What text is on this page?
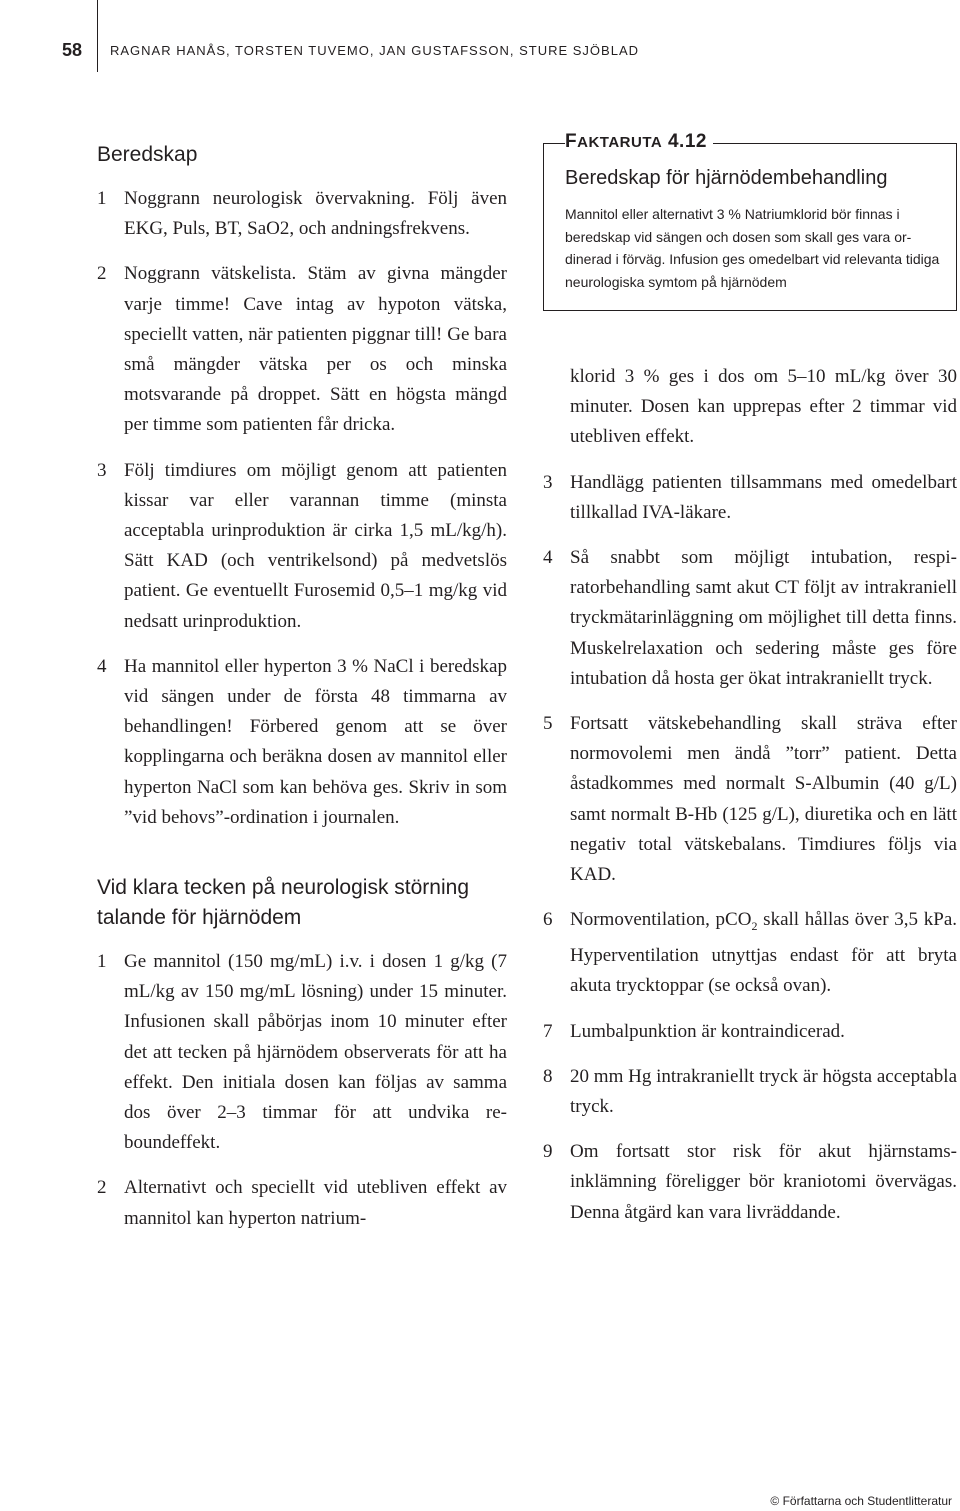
58 RAGNAR HANÅS, TORSTEN TUVEMO, JAN GUSTAFSSON, STURE SJÖBLAD
Beredskap
1 Noggrann neurologisk övervakning. Följ även EKG, Puls, BT, SaO2, och andningsfrekvens.
2 Noggrann vätskelista. Stäm av givna mängder varje timme! Cave intag av hypoton vätska, speciellt vatten, när patienten piggnar till! Ge bara små mängder vätska per os och minska motsvarande på droppet. Sätt en högsta mängd per timme som patienten får dricka.
3 Följ timdiures om möjligt genom att patienten kissar var eller varannan timme (minsta acceptabla urinproduktion är cirka 1,5 mL/kg/h). Sätt KAD (och ventrikelsond) på medvetslös patient. Ge eventuellt Furosemid 0,5–1 mg/kg vid nedsatt urinproduktion.
4 Ha mannitol eller hyperton 3 % NaCl i beredskap vid sängen under de första 48 timmarna av behandlingen! Förbered genom att se över kopplingarna och beräkna dosen av mannitol eller hyperton NaCl som kan behöva ges. Skriv in som ”vid behovs”-ordination i journalen.
Vid klara tecken på neurologisk störning talande för hjärnödem
1 Ge mannitol (150 mg/mL) i.v. i dosen 1 g/kg (7 mL/kg av 150 mg/mL lösning) under 15 minuter. Infusionen skall påbörjas inom 10 minuter efter det att tecken på hjärnödem observerats för att ha effekt. Den initiala dosen kan följas av samma dos över 2–3 timmar för att undvika reboundeffekt.
2 Alternativt och speciellt vid utebliven effekt av mannitol kan hyperton natrium-
FAKTARUTA 4.12
Beredskap för hjärnödembehandling
Mannitol eller alternativt 3 % Natriumklorid bör finnas i beredskap vid sängen och dosen som skall ges vara ordinerad i förväg. Infusion ges omedelbart vid relevanta tidiga neurologiska symtom på hjärnödem
klorid 3 % ges i dos om 5–10 mL/kg över 30 minuter. Dosen kan upprepas efter 2 timmar vid utebliven effekt.
3 Handlägg patienten tillsammans med omedelbart tillkallad IVA-läkare.
4 Så snabbt som möjligt intubation, respiratorbehandling samt akut CT följt av intrakraniell tryckmätarinläggning om möjlighet till detta finns. Muskelrelaxation och sedering måste ges före intubation då hosta ger ökat intrakraniellt tryck.
5 Fortsatt vätskebehandling skall sträva efter normovolemi men ändå ”torr” patient. Detta åstadkommes med normalt S-Albumin (40 g/L) samt normalt B-Hb (125 g/L), diuretika och en lätt negativ total vätskebalans. Timdiures följs via KAD.
6 Normoventilation, pCO$_2$ skall hållas över 3,5 kPa. Hyperventilation utnyttjas endast för att bryta akuta trycktoppar (se också ovan).
7 Lumbalpunktion är kontraindicerad.
8 20 mm Hg intrakraniellt tryck är högsta acceptabla tryck.
9 Om fortsatt stor risk för akut hjärnstamsinklämning föreligger bör kraniotomi övervägas. Denna åtgärd kan vara livräddande.
© Författarna och Studentlitteratur
